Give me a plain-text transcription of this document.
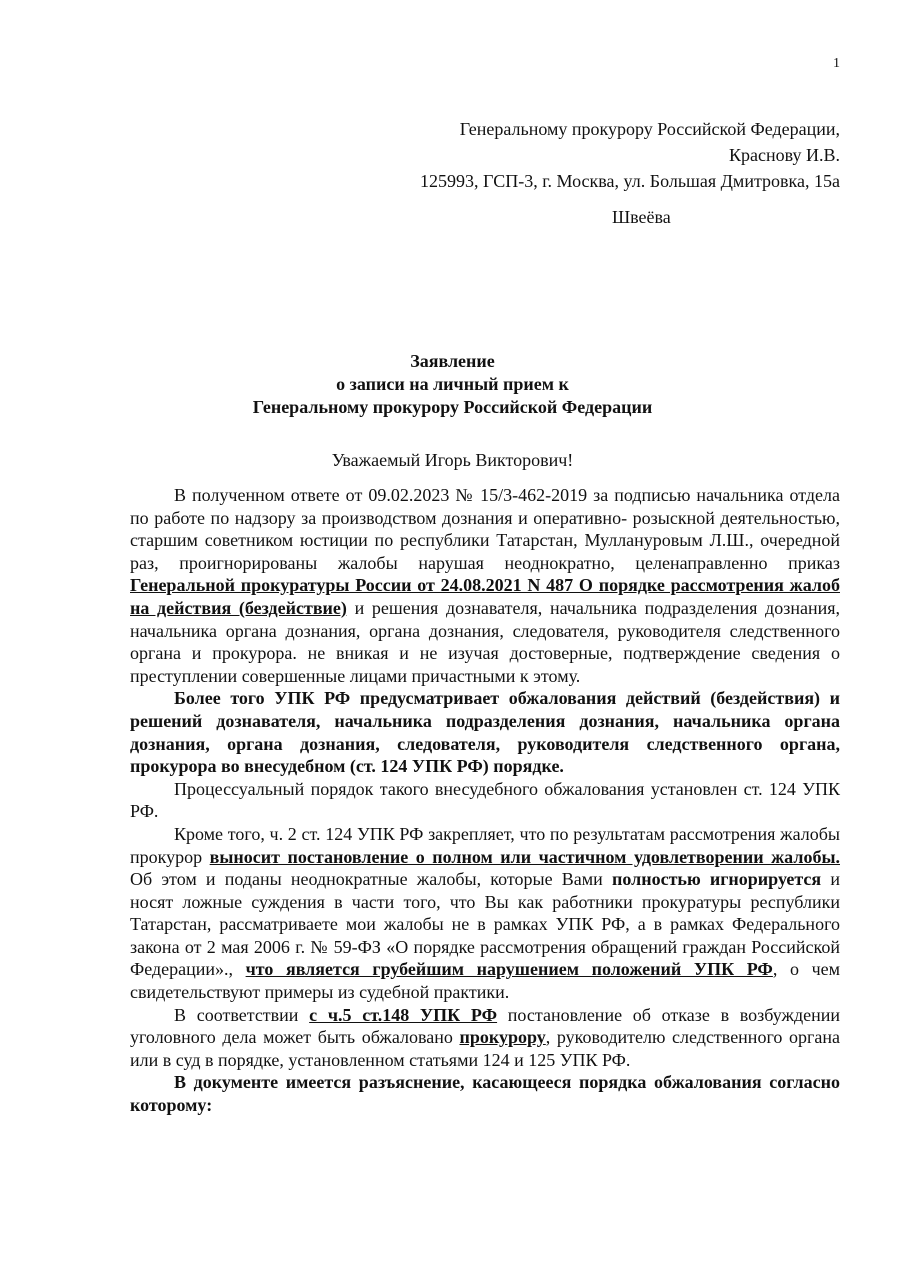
1
Генеральному прокурору Российской Федерации,
Краснову И.В.
125993, ГСП-3, г. Москва, ул. Большая Дмитровка, 15а
Швеёва
Заявление
о записи на личный прием к
Генеральному прокурору Российской Федерации
Уважаемый Игорь Викторович!

В полученном ответе от 09.02.2023 № 15/3-462-2019 за подписью начальника отдела по работе по надзору за производством дознания и оперативно- розыскной деятельностью, старшим советником юстиции по республики Татарстан, Муллануровым Л.Ш., очередной раз, проигнорированы жалобы нарушая неоднократно, целенаправленно приказ Генеральной прокуратуры России от 24.08.2021 N 487 О порядке рассмотрения жалоб на действия (бездействие) и решения дознавателя, начальника подразделения дознания, начальника органа дознания, органа дознания, следователя, руководителя следственного органа и прокурора. не вникая и не изучая достоверные, подтверждение сведения о преступлении совершенные лицами причастными к этому.

Более того УПК РФ предусматривает обжалования действий (бездействия) и решений дознавателя, начальника подразделения дознания, начальника органа дознания, органа дознания, следователя, руководителя следственного органа, прокурора во внесудебном (ст. 124 УПК РФ) порядке.

Процессуальный порядок такого внесудебного обжалования установлен ст. 124 УПК РФ.

Кроме того, ч. 2 ст. 124 УПК РФ закрепляет, что по результатам рассмотрения жалобы прокурор выносит постановление о полном или частичном удовлетворении жалобы. Об этом и поданы неоднократные жалобы, которые Вами полностью игнорируется и носят ложные суждения в части того, что Вы как работники прокуратуры республики Татарстан, рассматриваете мои жалобы не в рамках УПК РФ, а в рамках Федерального закона от 2 мая 2006 г. № 59-ФЗ «О порядке рассмотрения обращений граждан Российской Федерации»., что является грубейшим нарушением положений УПК РФ, о чем свидетельствуют примеры из судебной практики.

В соответствии с ч.5 ст.148 УПК РФ постановление об отказе в возбуждении уголовного дела может быть обжаловано прокурору, руководителю следственного органа или в суд в порядке, установленном статьями 124 и 125 УПК РФ.

В документе имеется разъяснение, касающееся порядка обжалования согласно которому:
